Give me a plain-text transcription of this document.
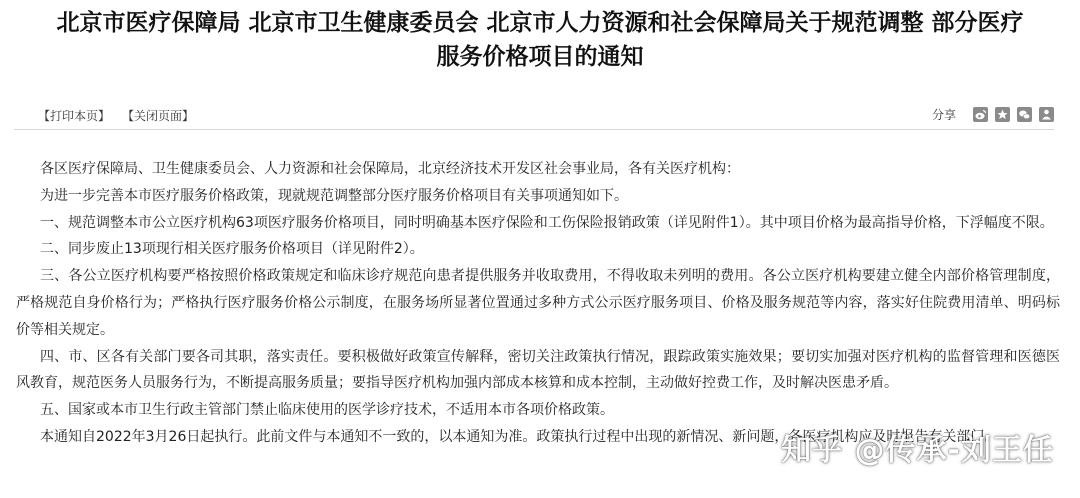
北京市医疗保障局 北京市卫生健康委员会 北京市人力资源和社会保障局关于规范调整 部分医疗
服务价格项目的通知
【打印本页】 【关闭页面】	分享

各区医疗保障局、卫生健康委员会、人力资源和社会保障局，北京经济技术开发区社会事业局，各有关医疗机构：

为进一步完善本市医疗服务价格政策，现就规范调整部分医疗服务价格项目有关事项通知如下。

一、规范调整本市公立医疗机构63项医疗服务价格项目，同时明确基本医疗保险和工伤保险报销政策（详见附件1）。其中项目价格为最高指导价格，下浮幅度不限。

二、同步废止13项现行相关医疗服务价格项目（详见附件2）。

三、各公立医疗机构要严格按照价格政策规定和临床诊疗规范向患者提供服务并收取费用，不得收取未列明的费用。各公立医疗机构要建立健全内部价格管理制度，严格规范自身价格行为；严格执行医疗服务价格公示制度，在服务场所显著位置通过多种方式公示医疗服务项目、价格及服务规范等内容，落实好住院费用清单、明码标价等相关规定。

四、市、区各有关部门要各司其职，落实责任。要积极做好政策宣传解释，密切关注政策执行情况，跟踪政策实施效果；要切实加强对医疗机构的监督管理和医德医风教育，规范医务人员服务行为，不断提高服务质量；要指导医疗机构加强内部成本核算和成本控制，主动做好控费工作，及时解决医患矛盾。

五、国家或本市卫生行政主管部门禁止临床使用的医学诊疗技术，不适用本市各项价格政策。

本通知自2022年3月26日起执行。此前文件与本通知不一致的，以本通知为准。政策执行过程中出现的新情况、新问题，各医疗机构应及时报告有关部门。

知乎 @传承-刘王任
